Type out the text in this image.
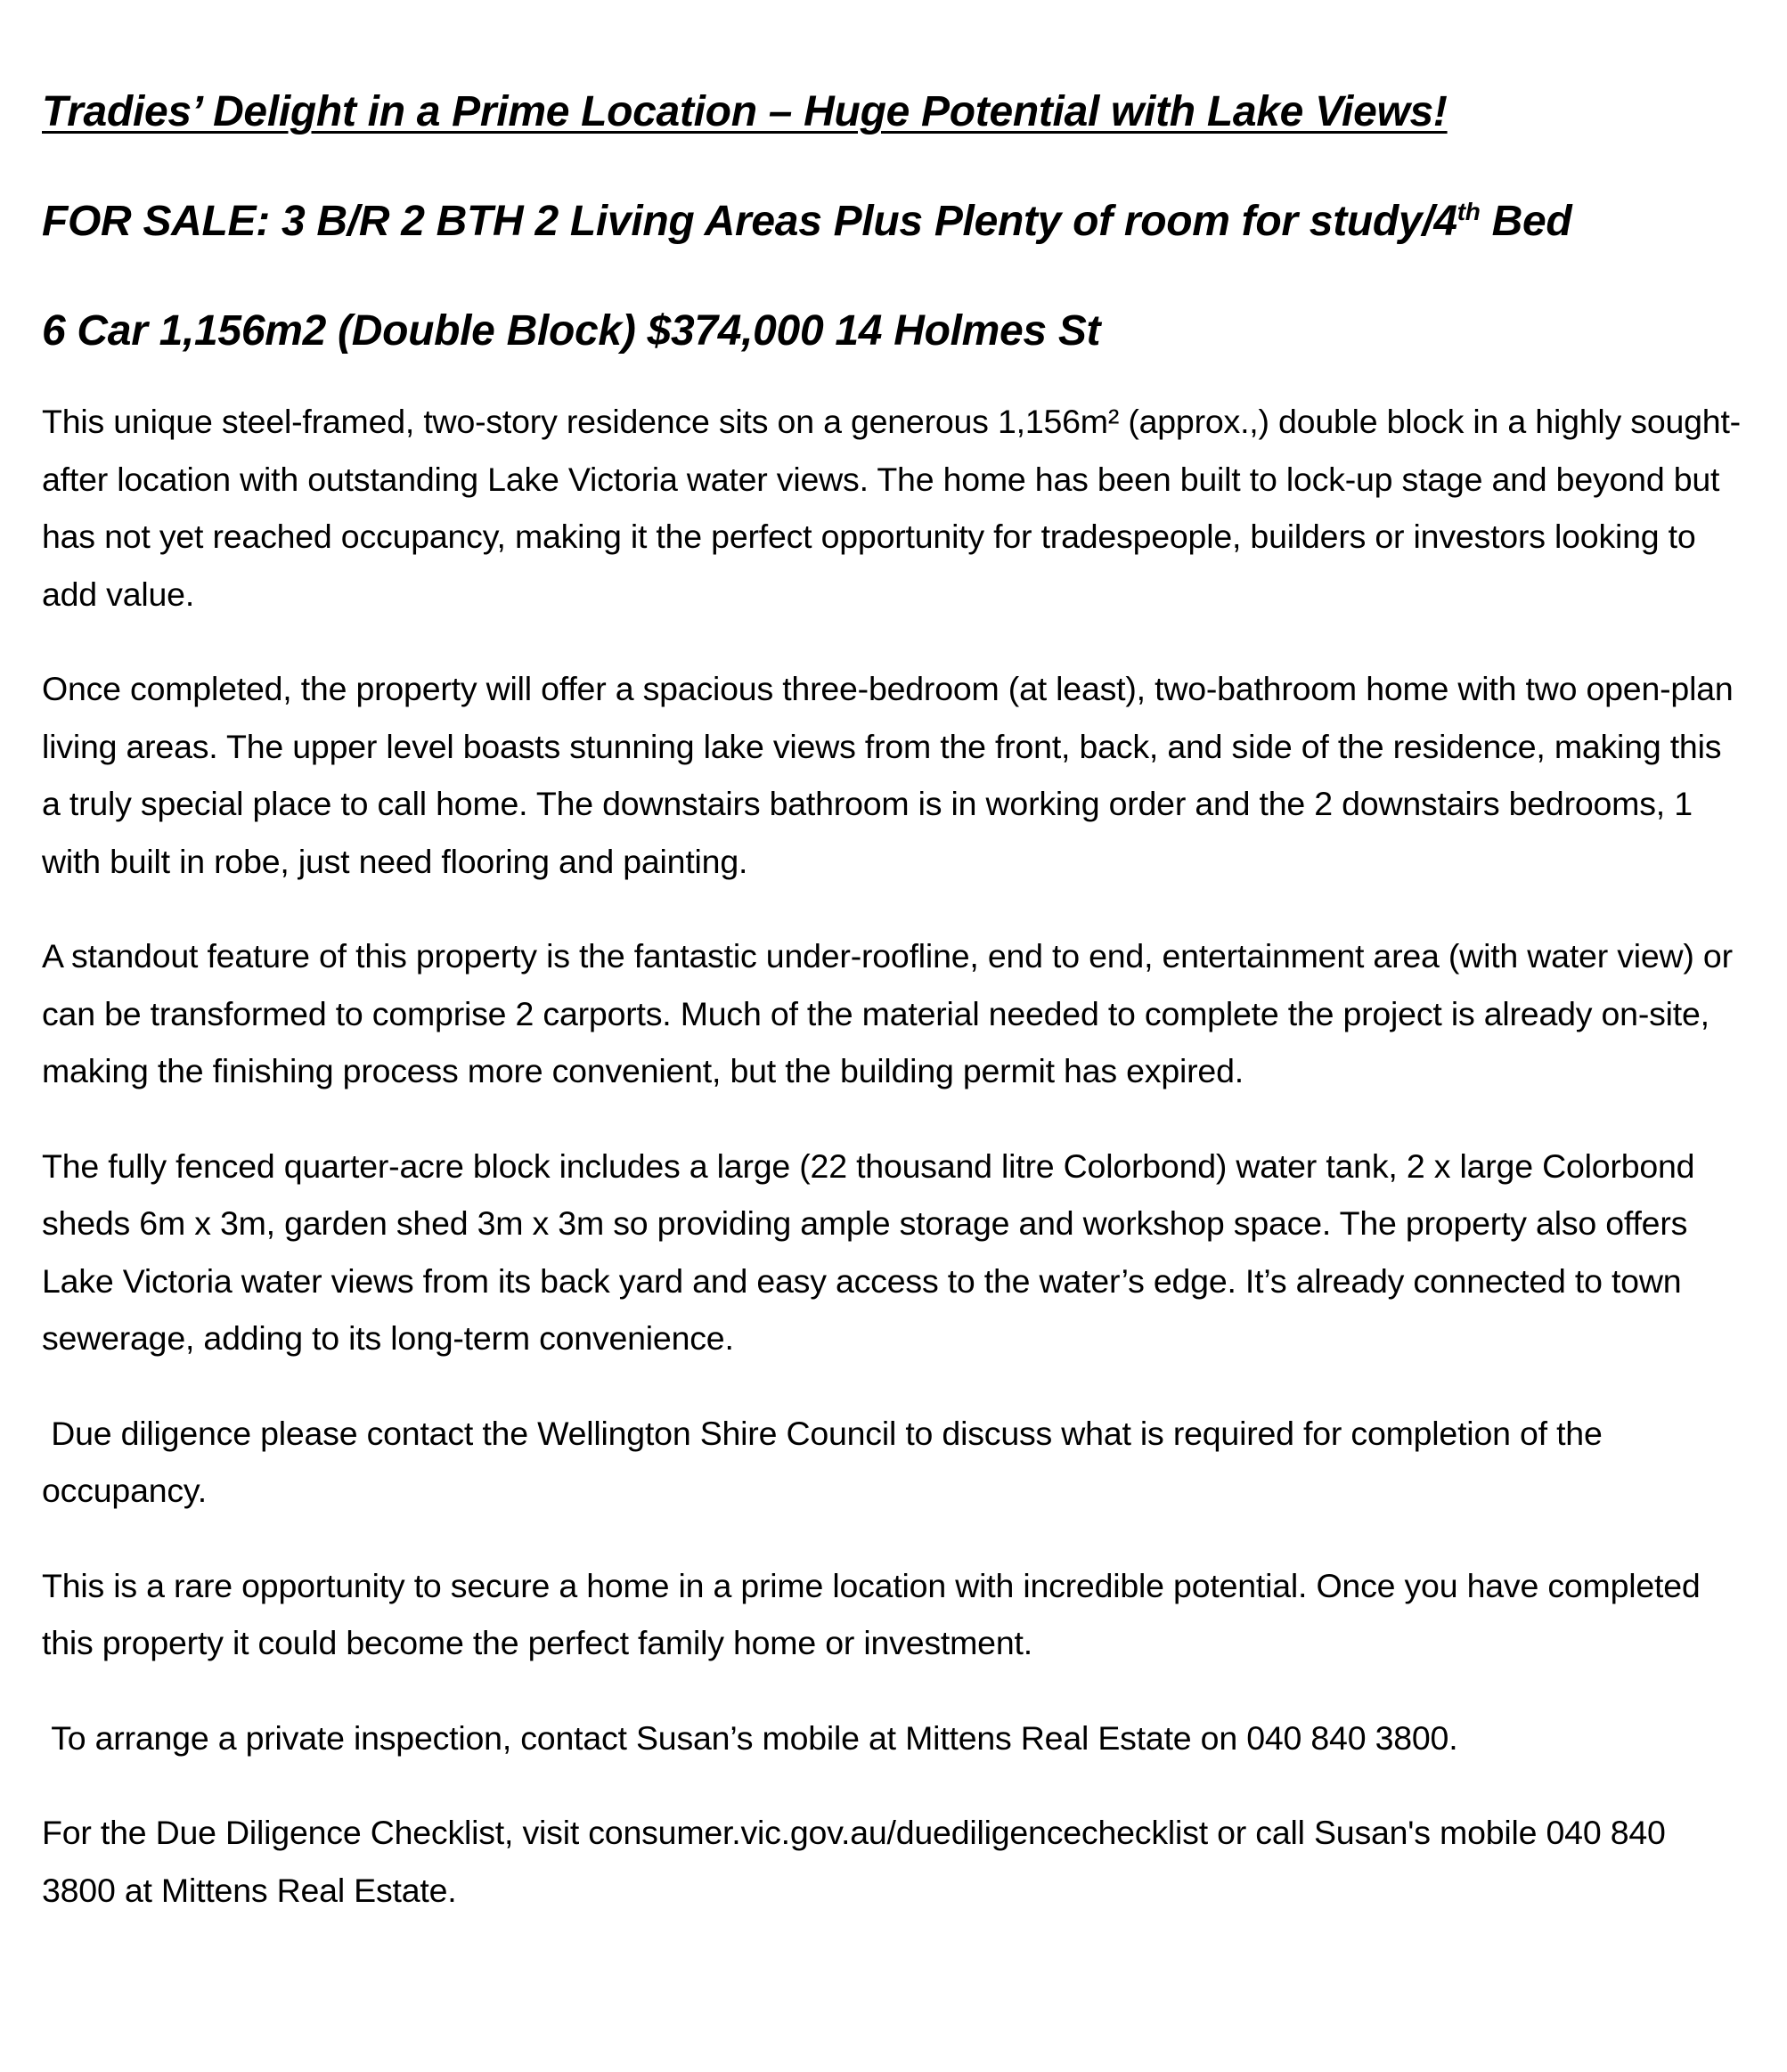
Tradies’ Delight in a Prime Location – Huge Potential with Lake Views!
FOR SALE: 3 B/R 2 BTH 2 Living Areas Plus Plenty of room for study/4th Bed
6 Car 1,156m2 (Double Block) $374,000 14 Holmes St

This unique steel-framed, two-story residence sits on a generous 1,156m² (approx.,) double block in a highly sought-after location with outstanding Lake Victoria water views. The home has been built to lock-up stage and beyond but has not yet reached occupancy, making it the perfect opportunity for tradespeople, builders or investors looking to add value.

Once completed, the property will offer a spacious three-bedroom (at least), two-bathroom home with two open-plan living areas. The upper level boasts stunning lake views from the front, back, and side of the residence, making this a truly special place to call home. The downstairs bathroom is in working order and the 2 downstairs bedrooms, 1 with built in robe, just need flooring and painting.

A standout feature of this property is the fantastic under-roofline, end to end, entertainment area (with water view) or can be transformed to comprise 2 carports. Much of the material needed to complete the project is already on-site, making the finishing process more convenient, but the building permit has expired.

The fully fenced quarter-acre block includes a large (22 thousand litre Colorbond) water tank, 2 x large Colorbond sheds 6m x 3m, garden shed 3m x 3m so providing ample storage and workshop space. The property also offers Lake Victoria water views from its back yard and easy access to the water’s edge. It’s already connected to town sewerage, adding to its long-term convenience.

Due diligence please contact the Wellington Shire Council to discuss what is required for completion of the occupancy.

This is a rare opportunity to secure a home in a prime location with incredible potential. Once you have completed this property it could become the perfect family home or investment.

To arrange a private inspection, contact Susan’s mobile at Mittens Real Estate on 040 840 3800.

For the Due Diligence Checklist, visit consumer.vic.gov.au/duediligencechecklist or call Susan's mobile 040 840 3800 at Mittens Real Estate.
